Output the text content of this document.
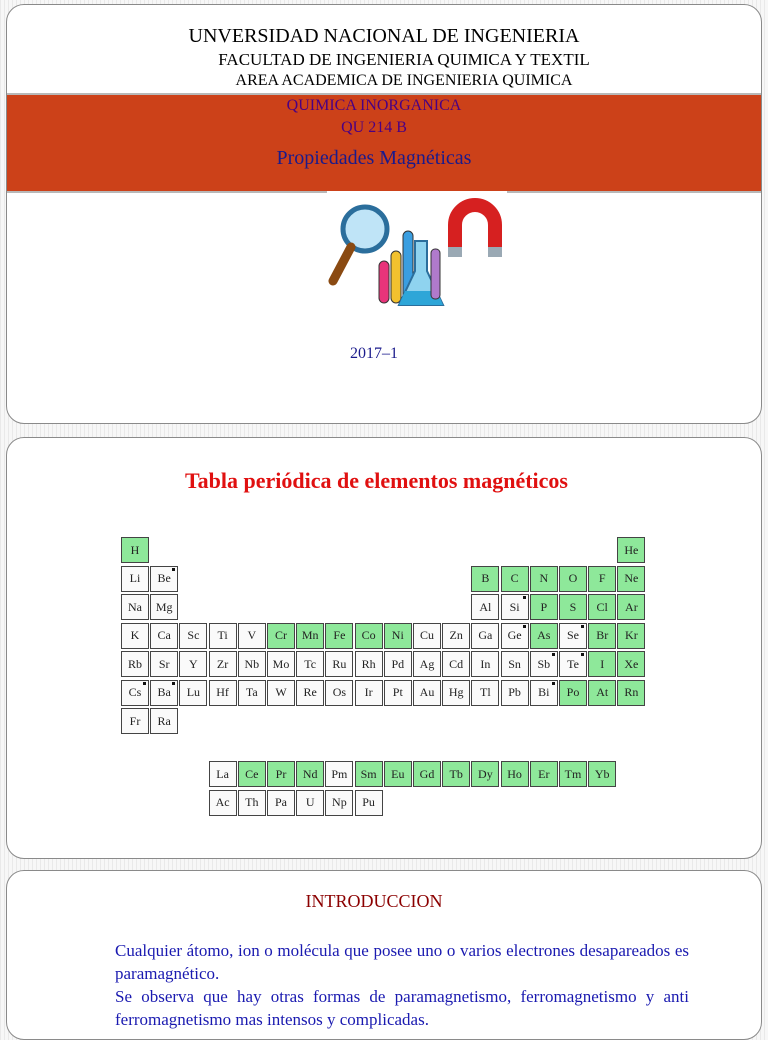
UNVERSIDAD NACIONAL DE INGENIERIA
FACULTAD DE INGENIERIA QUIMICA Y TEXTIL
AREA ACADEMICA DE INGENIERIA QUIMICA
QUIMICA INORGANICA
QU 214 B
Propiedades Magnéticas
2017–1
Tabla periódica de elementos magnéticos
H	He
Li Be	B C N O F Ne
Na Mg	Al Si P S Cl Ar
K Ca Sc Ti V Cr Mn Fe Co Ni Cu Zn Ga Ge As Se Br Kr
Rb Sr Y Zr Nb Mo Tc Ru Rh Pd Ag Cd In Sn Sb Te I Xe
Cs Ba Lu Hf Ta W Re Os Ir Pt Au Hg Tl Pb Bi Po At Rn
Fr Ra
La Ce Pr Nd Pm Sm Eu Gd Tb Dy Ho Er Tm Yb
Ac Th Pa U Np Pu
INTRODUCCION

Cualquier átomo, ion o molécula que posee uno o varios electrones desapareados es paramagnético.

Se observa que hay otras formas de paramagnetismo, ferromagnetismo y anti ferromagnetismo mas intensos y complicadas.
